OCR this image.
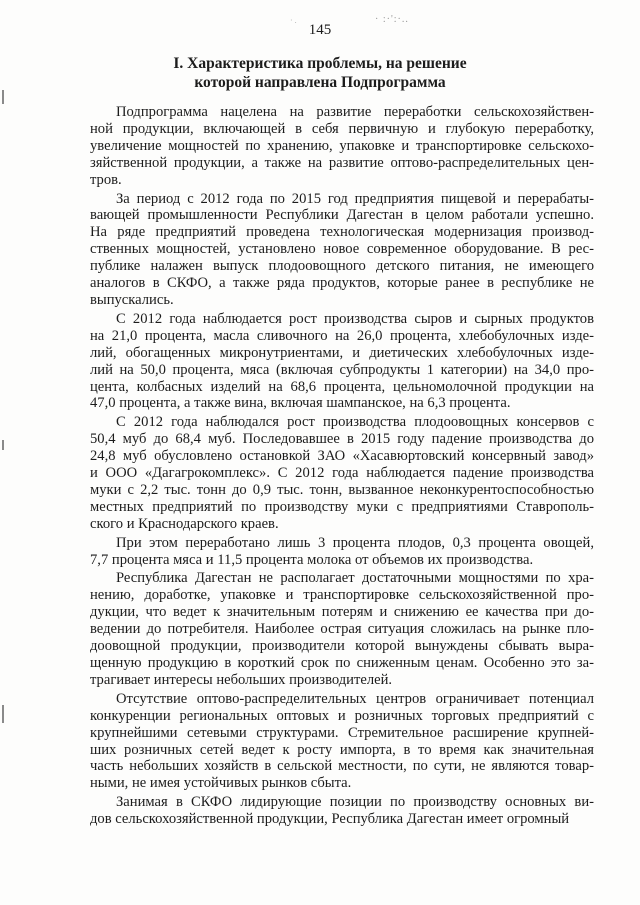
· .	· :·':·..
145
I. Характеристика проблемы, на решение
которой направлена Подпрограмма

Подпрограмма нацелена на развитие переработки сельскохозяйствен-
ной продукции, включающей в себя первичную и глубокую переработку,
увеличение мощностей по хранению, упаковке и транспортировке сельскохо-
зяйственной продукции, а также на развитие оптово-распределительных цен-
тров.

За период с 2012 года по 2015 год предприятия пищевой и перерабаты-
вающей промышленности Республики Дагестан в целом работали успешно.
На ряде предприятий проведена технологическая модернизация производ-
ственных мощностей, установлено новое современное оборудование. В рес-
публике налажен выпуск плодоовощного детского питания, не имеющего
аналогов в СКФО, а также ряда продуктов, которые ранее в республике не
выпускались.

С 2012 года наблюдается рост производства сыров и сырных продуктов
на 21,0 процента, масла сливочного на 26,0 процента, хлебобулочных изде-
лий, обогащенных микронутриентами, и диетических хлебобулочных изде-
лий на 50,0 процента, мяса (включая субпродукты 1 категории) на 34,0 про-
цента, колбасных изделий на 68,6 процента, цельномолочной продукции на
47,0 процента, а также вина, включая шампанское, на 6,3 процента.

С 2012 года наблюдался рост производства плодоовощных консервов с
50,4 муб до 68,4 муб. Последовавшее в 2015 году падение производства до
24,8 муб обусловлено остановкой ЗАО «Хасавюртовский консервный завод»
и ООО «Дагагрокомплекс». С 2012 года наблюдается падение производства
муки с 2,2 тыс. тонн до 0,9 тыс. тонн, вызванное неконкурентоспособностью
местных предприятий по производству муки с предприятиями Ставрополь-
ского и Краснодарского краев.

При этом переработано лишь 3 процента плодов, 0,3 процента овощей,
7,7 процента мяса и 11,5 процента молока от объемов их производства.

Республика Дагестан не располагает достаточными мощностями по хра-
нению, доработке, упаковке и транспортировке сельскохозяйственной про-
дукции, что ведет к значительным потерям и снижению ее качества при до-
ведении до потребителя. Наиболее острая ситуация сложилась на рынке пло-
доовощной продукции, производители которой вынуждены сбывать выра-
щенную продукцию в короткий срок по сниженным ценам. Особенно это за-
трагивает интересы небольших производителей.

Отсутствие оптово-распределительных центров ограничивает потенциал
конкуренции региональных оптовых и розничных торговых предприятий с
крупнейшими сетевыми структурами. Стремительное расширение крупней-
ших розничных сетей ведет к росту импорта, в то время как значительная
часть небольших хозяйств в сельской местности, по сути, не являются товар-
ными, не имея устойчивых рынков сбыта.

Занимая в СКФО лидирующие позиции по производству основных ви-
дов сельскохозяйственной продукции, Республика Дагестан имеет огромный
